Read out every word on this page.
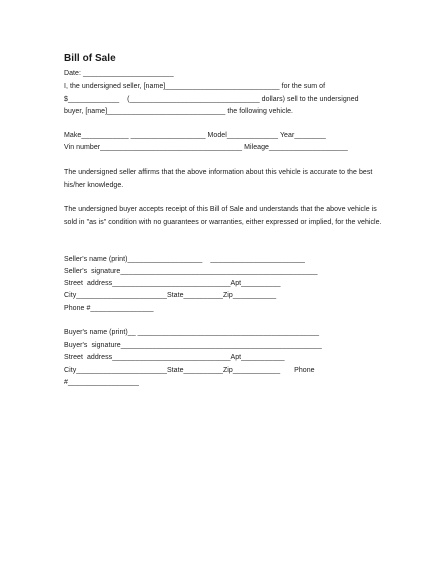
Bill of Sale
Date: _______________________
I, the undersigned seller, [name]_____________________________ for the sum of
$_____________    (_________________________________ dollars) sell to the undersigned
buyer, [name]______________________________ the following vehicle.
Make____________ ___________________ Model_____________ Year________
Vin number____________________________________ Mileage____________________
The undersigned seller affirms that the above information about this vehicle is accurate to the best his/her knowledge.
The undersigned buyer accepts receipt of this Bill of Sale and understands that the above vehicle is sold in "as is" condition with no guarantees or warranties, either expressed or implied, for the vehicle.
Seller's name (print)___________________    ________________________
Seller's  signature__________________________________________________
Street  address______________________________Apt__________
City_______________________State__________Zip___________
Phone #________________
Buyer's name (print)__ ______________________________________________
Buyer's  signature___________________________________________________
Street  address______________________________Apt___________
City_______________________State__________Zip____________       Phone
#__________________
